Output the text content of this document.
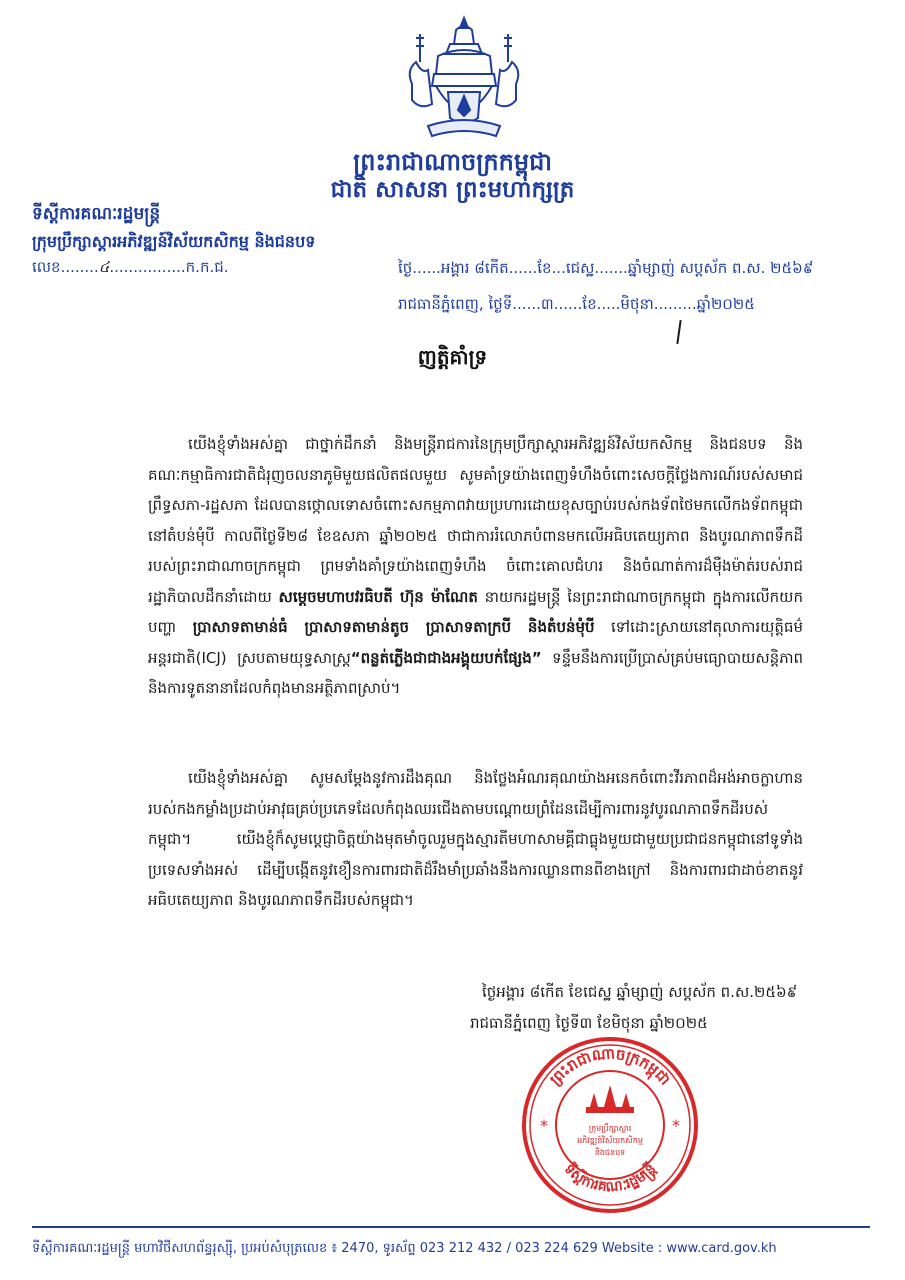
ព្រះរាជាណាចក្រកម្ពុជា
ជាតិ សាសនា ព្រះមហាក្សត្រ
ទីស្តីការគណៈរដ្ឋមន្ត្រី
ក្រុមប្រឹក្សាស្តារអភិវឌ្ឍន៍វិស័យកសិកម្ម និងជនបទ
លេខ........៤................ក.ក.ជ.	ថ្ងៃ......អង្គារ ៨កើត......ខែ...ជេស្ឋ.......ឆ្នាំម្សាញ់ សប្តស័ក ព.ស. ២៥៦៩
រាជធានីភ្នំពេញ, ថ្ងៃទី......៣......ខែ.....មិថុនា.........ឆ្នាំ២០២៥
ញត្តិគាំទ្រ
យើងខ្ញុំទាំងអស់គ្នា ជាថ្នាក់ដឹកនាំ និងមន្ត្រីរាជការនៃក្រុមប្រឹក្សាស្តារអភិវឌ្ឍន៍វិស័យកសិកម្ម និងជនបទ និងគណៈកម្មាធិការជាតិជំរុញចលនាភូមិមួយផលិតផលមួយ សូមគាំទ្រយ៉ាងពេញទំហឹងចំពោះសេចក្តីថ្លែងការណ៍របស់សមាជព្រឹទ្ធសភា-រដ្ឋសភា ដែលបានថ្កោលទោសចំពោះសកម្មភាពវាយប្រហារដោយខុសច្បាប់របស់កងទ័ពថៃមកលើកងទ័ពកម្ពុជា នៅតំបន់មុំបី កាលពីថ្ងៃទី២៨ ខែឧសភា ឆ្នាំ២០២៥ ថាជាការរំលោភបំពានមកលើអធិបតេយ្យភាព និងបូរណភាពទឹកដីរបស់ព្រះរាជាណាចក្រកម្ពុជា ព្រមទាំងគាំទ្រយ៉ាងពេញទំហឹង ចំពោះគោលជំហរ និងចំណាត់ការដ៏មុឺងម៉ាត់របស់រាជរដ្ឋាភិបាលដឹកនាំដោយ សម្តេចមហាបវរធិបតី ហ៊ុន ម៉ាណែត នាយករដ្ឋមន្ត្រី នៃព្រះរាជាណាចក្រកម្ពុជា ក្នុងការលើកយកបញ្ហា ប្រាសាទតាមាន់ធំ ប្រាសាទតាមាន់តូច ប្រាសាទតាក្របី និងតំបន់មុំបី ទៅដោះស្រាយនៅតុលាការយុត្តិធម៌អន្តរជាតិ(ICJ) ស្របតាមយុទ្ធសាស្ត្រ“ពន្លត់ភ្លើងជាជាងអង្គុយបក់ផ្សែង” ទន្ទឹមនឹងការប្រើប្រាស់គ្រប់មធ្យោបាយសន្តិភាព និងការទូតនានាដែលកំពុងមានអត្ថិភាពស្រាប់។
យើងខ្ញុំទាំងអស់គ្នា សូមសម្តែងនូវការដឹងគុណ និងថ្លែងអំណរគុណយ៉ាងអនេកចំពោះវីរភាពដ៏អង់អាចក្លាហានរបស់កងកម្លាំងប្រដាប់អាវុធគ្រប់ប្រភេទដែលកំពុងឈរជើងតាមបណ្តោយព្រំដែនដើម្បីការពារនូវបូរណភាពទឹកដីរបស់កម្ពុជា។ យើងខ្ញុំក៏សូមប្តេជ្ញាចិត្តយ៉ាងមុតមាំចូលរួមក្នុងស្មារតីមហាសាមគ្គីជាធ្លុងមួយជាមួយប្រជាជនកម្ពុជានៅទូទាំងប្រទេសទាំងអស់ ដើម្បីបង្កើតនូវខឿនការពារជាតិដ៏រឹងមាំប្រឆាំងនឹងការឈ្លានពានពីខាងក្រៅ និងការពារជាដាច់ខាតនូវអធិបតេយ្យភាព និងបូរណភាពទឹកដីរបស់កម្ពុជា។
ថ្ងៃអង្គារ ៨កើត ខែជេស្ឋ ឆ្នាំម្សាញ់ សប្តស័ក ព.ស.២៥៦៩
រាជធានីភ្នំពេញ ថ្ងៃទី៣ ខែមិថុនា ឆ្នាំ២០២៥
ព្រះរាជាណាចក្រកម្ពុជា
ទីស្តីការគណៈរដ្ឋមន្ត្រី
*	*
ក្រុមប្រឹក្សាស្តារ
អភិវឌ្ឍន៍វិស័យកសិកម្ម
និងជនបទ
ទីស្តីការគណៈរដ្ឋមន្ត្រី មហាវិថីសហព័ន្ធរុស្ស៊ី, ប្រអប់សំបុត្រលេខ ៖ 2470, ទូរស័ព្ទ 023 212 432 / 023 224 629 Website : www.card.gov.kh
